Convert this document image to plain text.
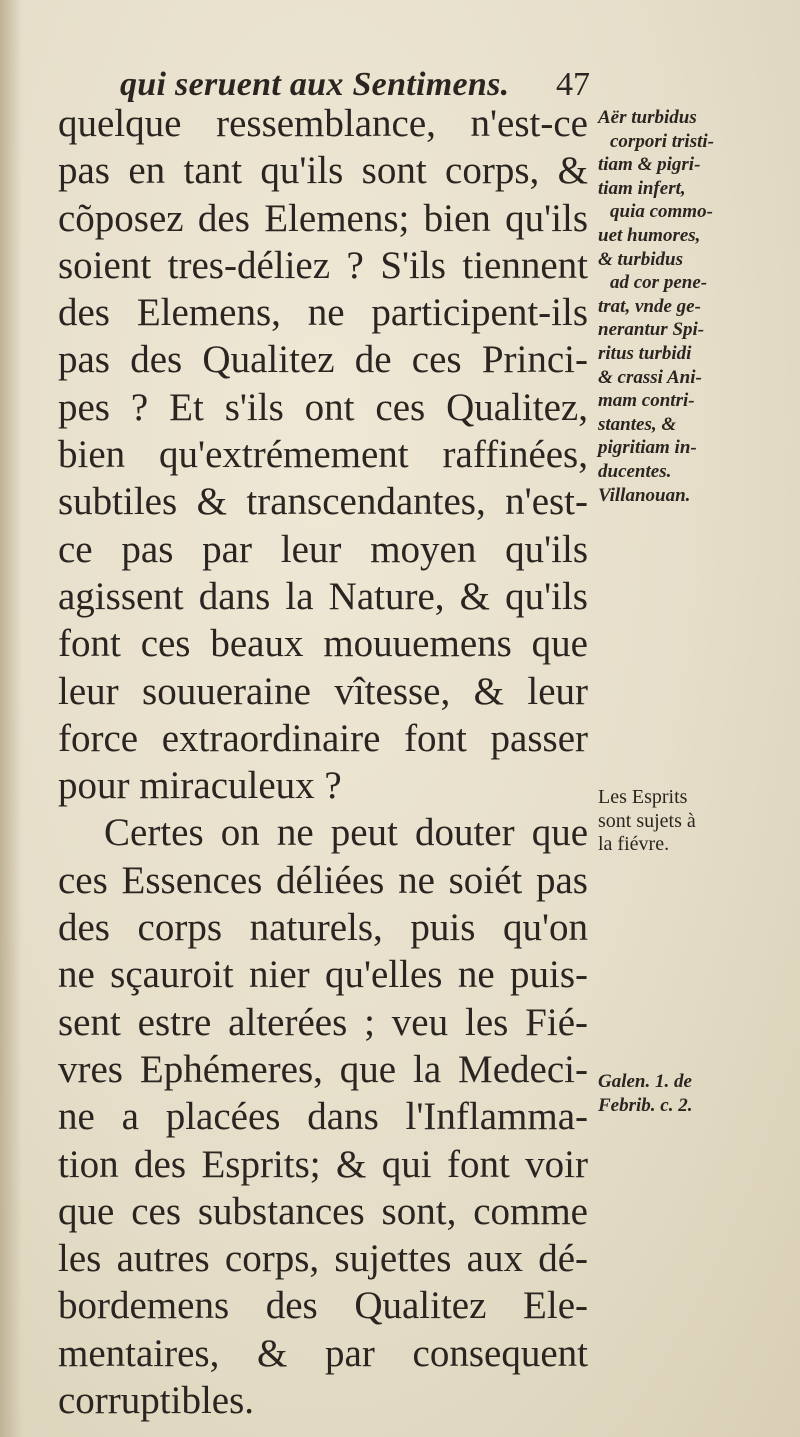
qui seruent aux Sentimens. 47
quelque ressemblance, n'est-ce
pas en tant qu'ils sont corps, &
cõposez des Elemens; bien qu'ils
soient tres-déliez ? S'ils tiennent
des Elemens, ne participent-ils
pas des Qualitez de ces Princi-
pes ? Et s'ils ont ces Qualitez,
bien qu'extrémement raffinées,
subtiles & transcendantes, n'est-
ce pas par leur moyen qu'ils
agissent dans la Nature, & qu'ils
font ces beaux mouuemens que
leur souueraine vîtesse, & leur
force extraordinaire font passer
pour miraculeux ?
Certes on ne peut douter que
ces Essences déliées ne soiét pas
des corps naturels, puis qu'on
ne sçauroit nier qu'elles ne puis-
sent estre alterées ; veu les Fié-
vres Ephémeres, que la Medeci-
ne a placées dans l'Inflamma-
tion des Esprits; & qui font voir
que ces substances sont, comme
les autres corps, sujettes aux dé-
bordemens des Qualitez Ele-
mentaires, & par consequent
corruptibles.
Aër turbidus
corpori tristi-
tiam & pigri-
tiam infert,
quia commo-
uet humores,
& turbidus
ad cor pene-
trat, vnde ge-
nerantur Spi-
ritus turbidi
& crassi Ani-
mam contri-
stantes, &
pigritiam in-
ducentes.
Villanouan.
Les Esprits
sont sujets à
la fiévre.
Galen. 1. de
Febrib. c. 2.
